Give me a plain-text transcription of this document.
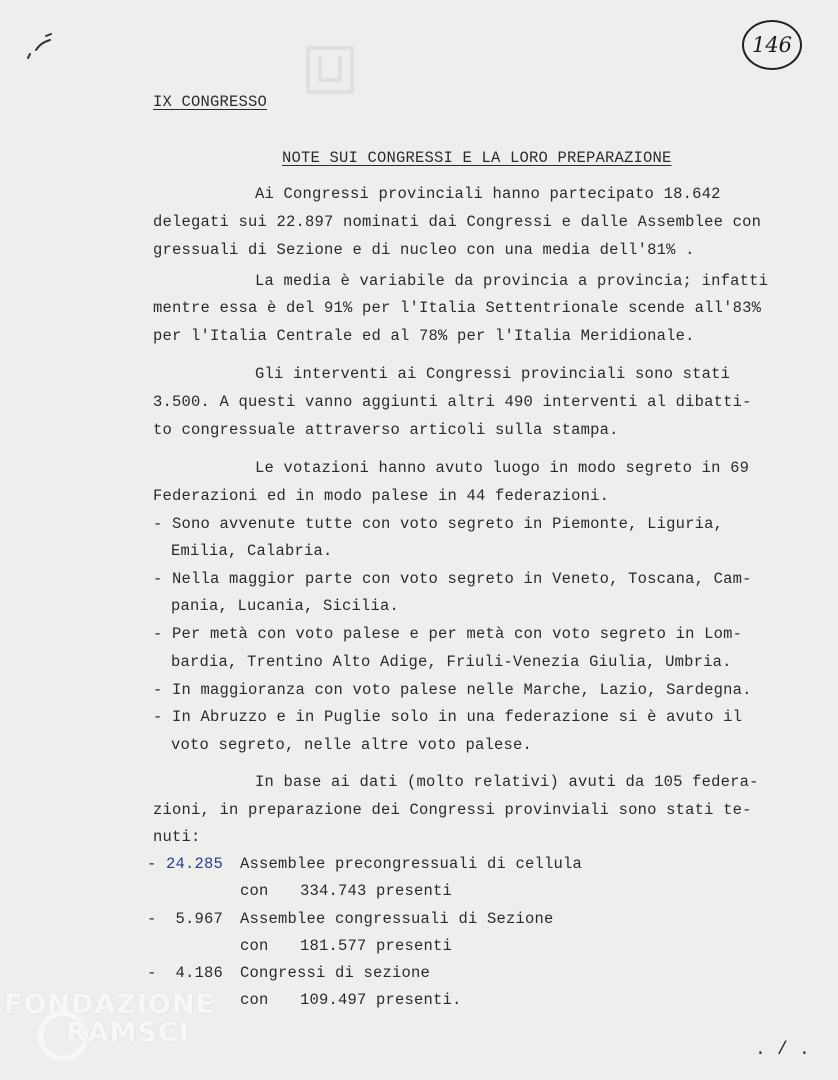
146
IX CONGRESSO
NOTE SUI CONGRESSI E LA LORO PREPARAZIONE
Ai Congressi provinciali hanno partecipato 18.642
delegati sui 22.897 nominati dai Congressi e dalle Assemblee con
gressuali di Sezione e di nucleo con una media dell'81% .
La media è variabile da provincia a provincia; infatti
mentre essa è del 91% per l'Italia Settentrionale scende all'83%
per l'Italia Centrale ed al 78% per l'Italia Meridionale.
Gli interventi ai Congressi provinciali sono stati
3.500. A questi vanno aggiunti altri 490 interventi al dibatti-
to congressuale attraverso articoli sulla stampa.
Le votazioni hanno avuto luogo in modo segreto in 69
Federazioni ed in modo palese in 44 federazioni.
- Sono avvenute tutte con voto segreto in Piemonte, Liguria,
Emilia, Calabria.
- Nella maggior parte con voto segreto in Veneto, Toscana, Cam-
pania, Lucania, Sicilia.
- Per metà con voto palese e per metà con voto segreto in Lom-
bardia, Trentino Alto Adige, Friuli-Venezia Giulia, Umbria.
- In maggioranza con voto palese nelle Marche, Lazio, Sardegna.
- In Abruzzo e in Puglie solo in una federazione si è avuto il
voto segreto, nelle altre voto palese.
In base ai dati (molto relativi) avuti da 105 federa-
zioni, in preparazione dei Congressi provinviali sono stati te-
nuti:
- 24.285 Assemblee precongressuali di cellula
con 334.743 presenti
-  5.967 Assemblee congressuali di Sezione
con 181.577 presenti
-  4.186 Congressi di sezione
con 109.497 presenti.
. / .
FONDAZIONE
RAMSCI
